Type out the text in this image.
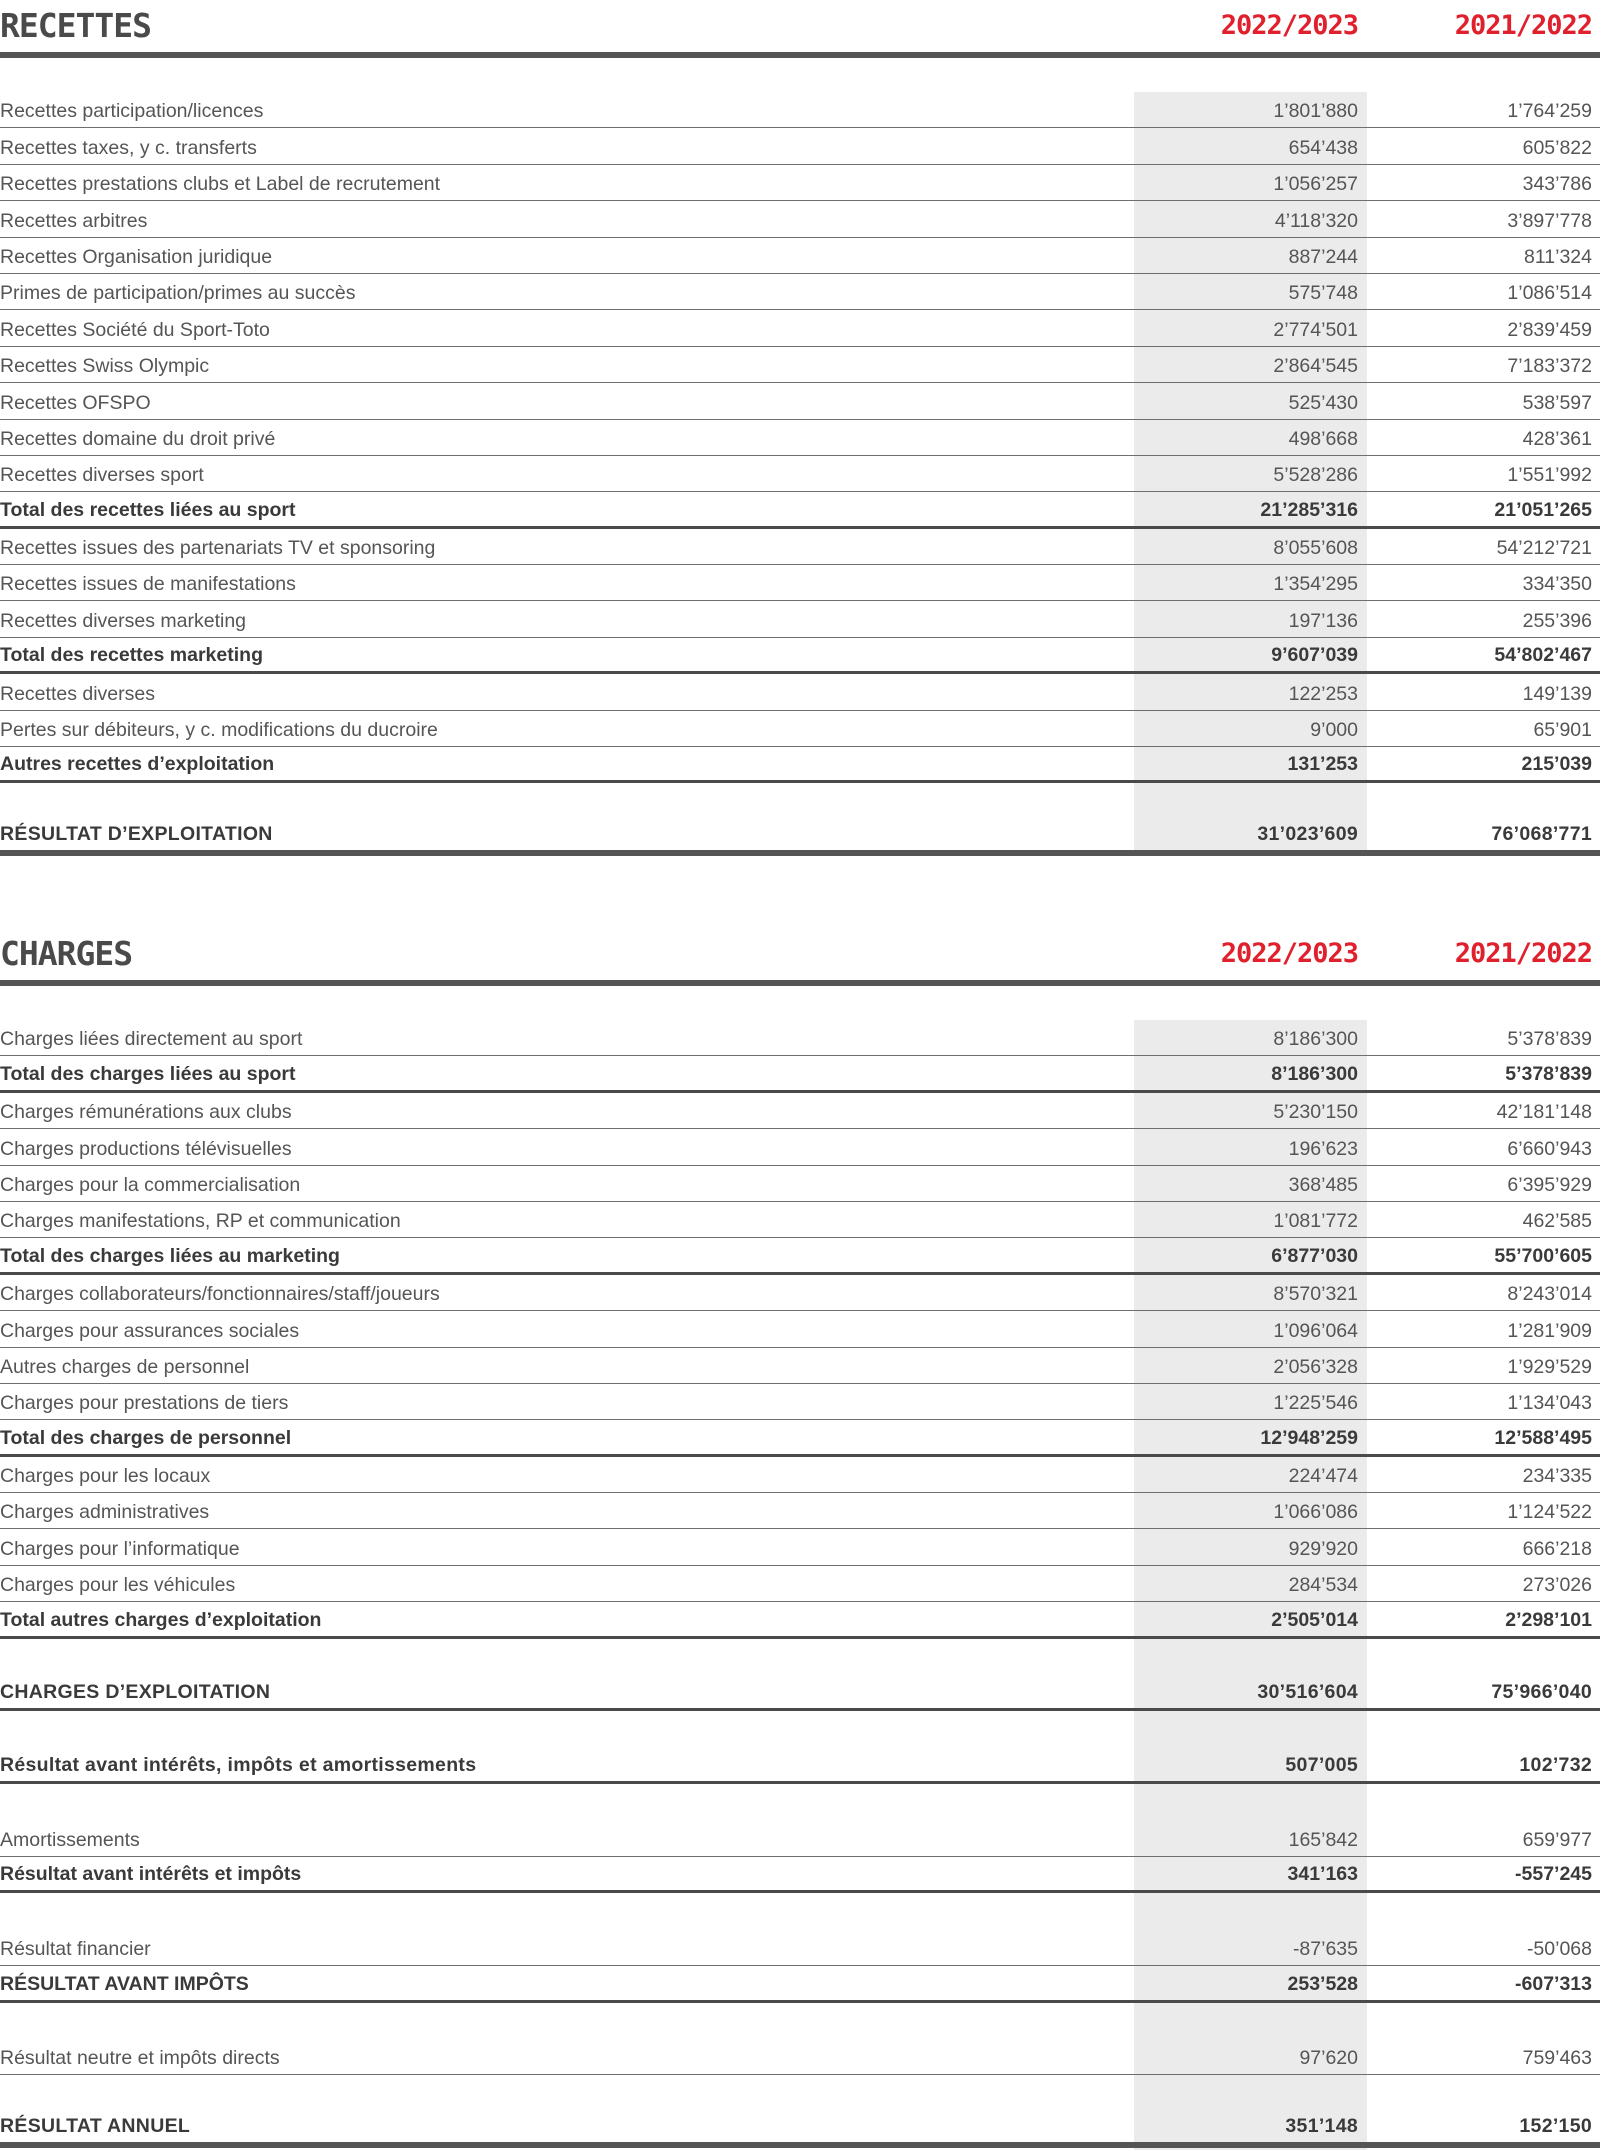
RECETTES	2022/2023	2021/2022
Recettes participation/licences	1’801’880	1’764’259
Recettes taxes, y c. transferts	654’438	605’822
Recettes prestations clubs et Label de recrutement	1’056’257	343’786
Recettes arbitres	4’118’320	3’897’778
Recettes Organisation juridique	887’244	811’324
Primes de participation/primes au succès	575’748	1’086’514
Recettes Société du Sport-Toto	2’774’501	2’839’459
Recettes Swiss Olympic	2’864’545	7’183’372
Recettes OFSPO	525’430	538’597
Recettes domaine du droit privé	498’668	428’361
Recettes diverses sport	5’528’286	1’551’992
Total des recettes liées au sport	21’285’316	21’051’265
Recettes issues des partenariats TV et sponsoring	8’055’608	54’212’721
Recettes issues de manifestations	1’354’295	334’350
Recettes diverses marketing	197’136	255’396
Total des recettes marketing	9’607’039	54’802’467
Recettes diverses	122’253	149’139
Pertes sur débiteurs, y c. modifications du ducroire	9’000	65’901
Autres recettes d’exploitation	131’253	215’039
RÉSULTAT D’EXPLOITATION	31’023’609	76’068’771
CHARGES	2022/2023	2021/2022
Charges liées directement au sport	8’186’300	5’378’839
Total des charges liées au sport	8’186’300	5’378’839
Charges rémunérations aux clubs	5’230’150	42’181’148
Charges productions télévisuelles	196’623	6’660’943
Charges pour la commercialisation	368’485	6’395’929
Charges manifestations, RP et communication	1’081’772	462’585
Total des charges liées au marketing	6’877’030	55’700’605
Charges collaborateurs/fonctionnaires/staff/joueurs	8’570’321	8’243’014
Charges pour assurances sociales	1’096’064	1’281’909
Autres charges de personnel	2’056’328	1’929’529
Charges pour prestations de tiers	1’225’546	1’134’043
Total des charges de personnel	12’948’259	12’588’495
Charges pour les locaux	224’474	234’335
Charges administratives	1’066’086	1’124’522
Charges pour l’informatique	929’920	666’218
Charges pour les véhicules	284’534	273’026
Total autres charges d’exploitation	2’505’014	2’298’101
CHARGES D’EXPLOITATION	30’516’604	75’966’040
Résultat avant intérêts, impôts et amortissements	507’005	102’732
Amortissements	165’842	659’977
Résultat avant intérêts et impôts	341’163	-557’245
Résultat financier	-87’635	-50’068
RÉSULTAT AVANT IMPÔTS	253’528	-607’313
Résultat neutre et impôts directs	97’620	759’463
RÉSULTAT ANNUEL	351’148	152’150
